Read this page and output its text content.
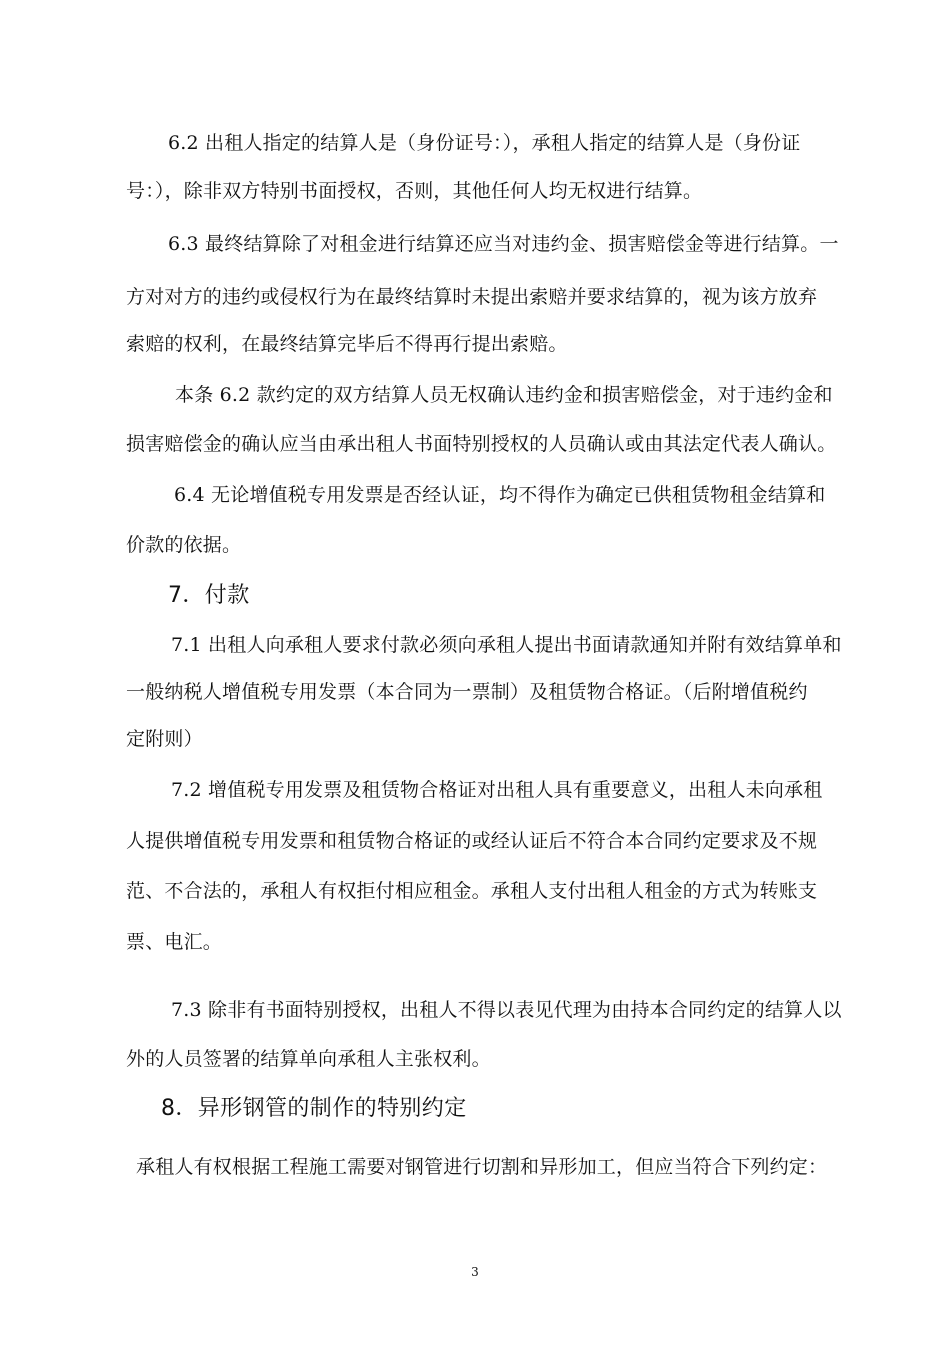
6.2 出租人指定的结算人是（身份证号：），承租人指定的结算人是（身份证
号：），除非双方特别书面授权，否则，其他任何人均无权进行结算。
6.3 最终结算除了对租金进行结算还应当对违约金、损害赔偿金等进行结算。一
方对对方的违约或侵权行为在最终结算时未提出索赔并要求结算的，视为该方放弃
索赔的权利，在最终结算完毕后不得再行提出索赔。
本条 6.2 款约定的双方结算人员无权确认违约金和损害赔偿金，对于违约金和
损害赔偿金的确认应当由承出租人书面特别授权的人员确认或由其法定代表人确认。
6.4 无论增值税专用发票是否经认证，均不得作为确定已供租赁物租金结算和
价款的依据。
7．付款
7.1 出租人向承租人要求付款必须向承租人提出书面请款通知并附有效结算单和
一般纳税人增值税专用发票（本合同为一票制）及租赁物合格证。（后附增值税约
定附则）
7.2 增值税专用发票及租赁物合格证对出租人具有重要意义，出租人未向承租
人提供增值税专用发票和租赁物合格证的或经认证后不符合本合同约定要求及不规
范、不合法的，承租人有权拒付相应租金。承租人支付出租人租金的方式为转账支
票、电汇。
7.3 除非有书面特别授权，出租人不得以表见代理为由持本合同约定的结算人以
外的人员签署的结算单向承租人主张权利。
8．异形钢管的制作的特别约定
承租人有权根据工程施工需要对钢管进行切割和异形加工，但应当符合下列约定：
3
